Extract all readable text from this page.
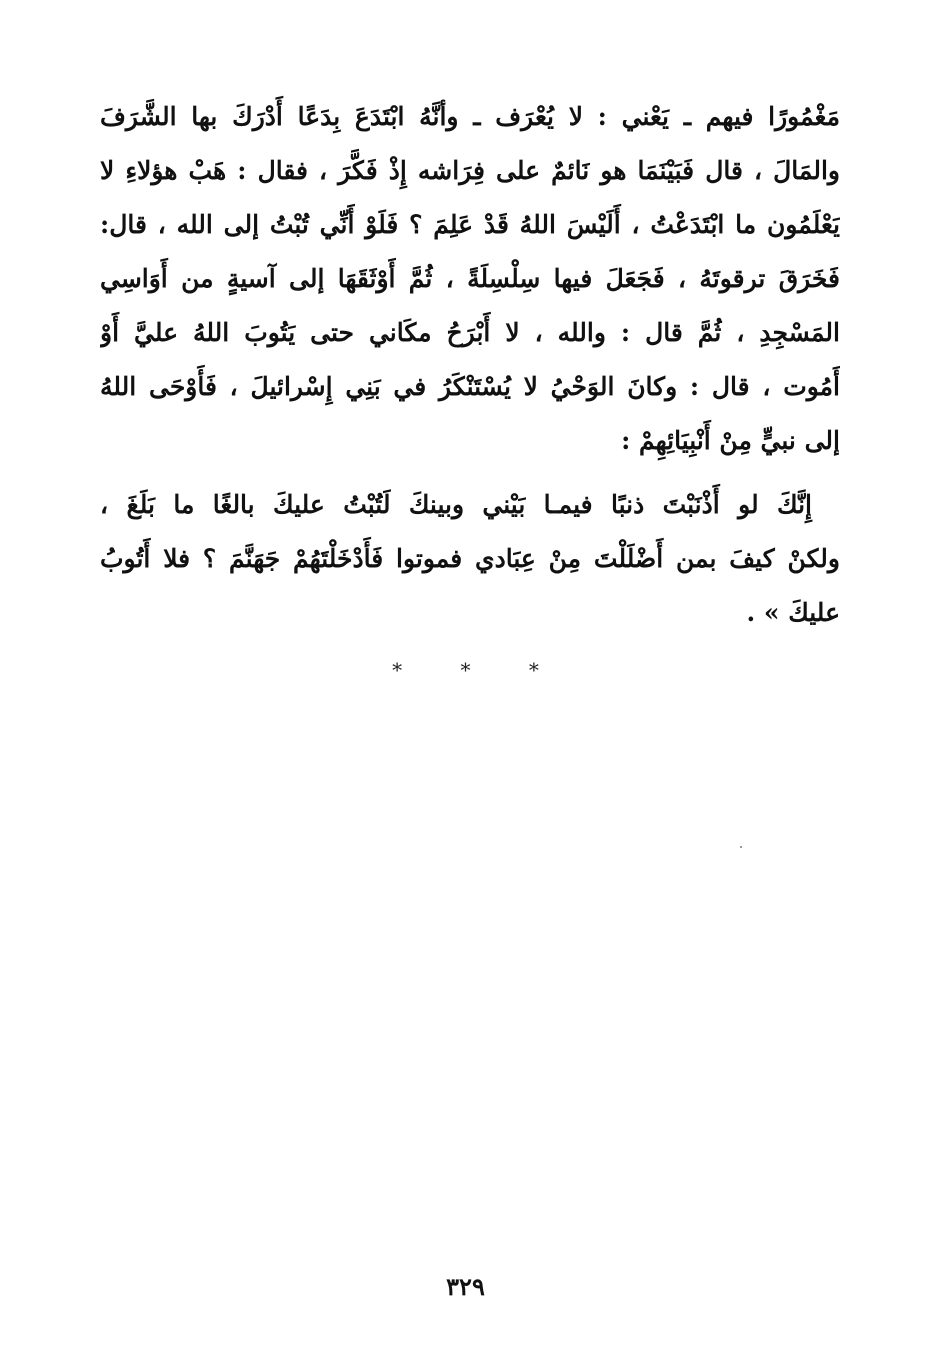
مَغْمُورًا فيهم ـ يَعْني : لا يُعْرَف ـ وأنَّهُ ابْتَدَعَ بِدَعًا أَدْرَكَ بها الشَّرَفَ
والمَالَ ، قال فَبَيْنَمَا هو نَائمٌ على فِرَاشه إِذْ فَكَّرَ ، فقال : هَبْ هؤلاءِ لا
يَعْلَمُون ما ابْتَدَعْتُ ، أَلَيْسَ اللهُ قَدْ عَلِمَ ؟ فَلَوْ أَنِّي تُبْتُ إلى الله ، قال:
فَخَرَقَ ترقوتَهُ ، فَجَعَلَ فيها سِلْسِلَةً ، ثُمَّ أَوْثَقَهَا إلى آسيةٍ من أَوَاسِي
المَسْجِدِ ، ثُمَّ قال : والله ، لا أَبْرَحُ مكَاني حتى يَتُوبَ اللهُ عليَّ أَوْ
أَمُوت ، قال : وكانَ الوَحْيُ لا يُسْتَنْكَرُ في بَنِي إِسْرائيلَ ، فَأَوْحَى اللهُ
إلى نبيٍّ مِنْ أَنْبِيَائِهِمْ :
إِنَّكَ لو أَذْنَبْتَ ذنبًا فيمـا بَيْني وبينكَ لَتُبْتُ عليكَ بالغًا ما بَلَغَ ،
ولكنْ كيفَ بمن أَضْلَلْتَ مِنْ عِبَادي فموتوا فَأَدْخَلْتَهُمْ جَهَنَّمَ ؟ فلا أَتُوبُ
عليكَ » .
* * *
٣٢٩
